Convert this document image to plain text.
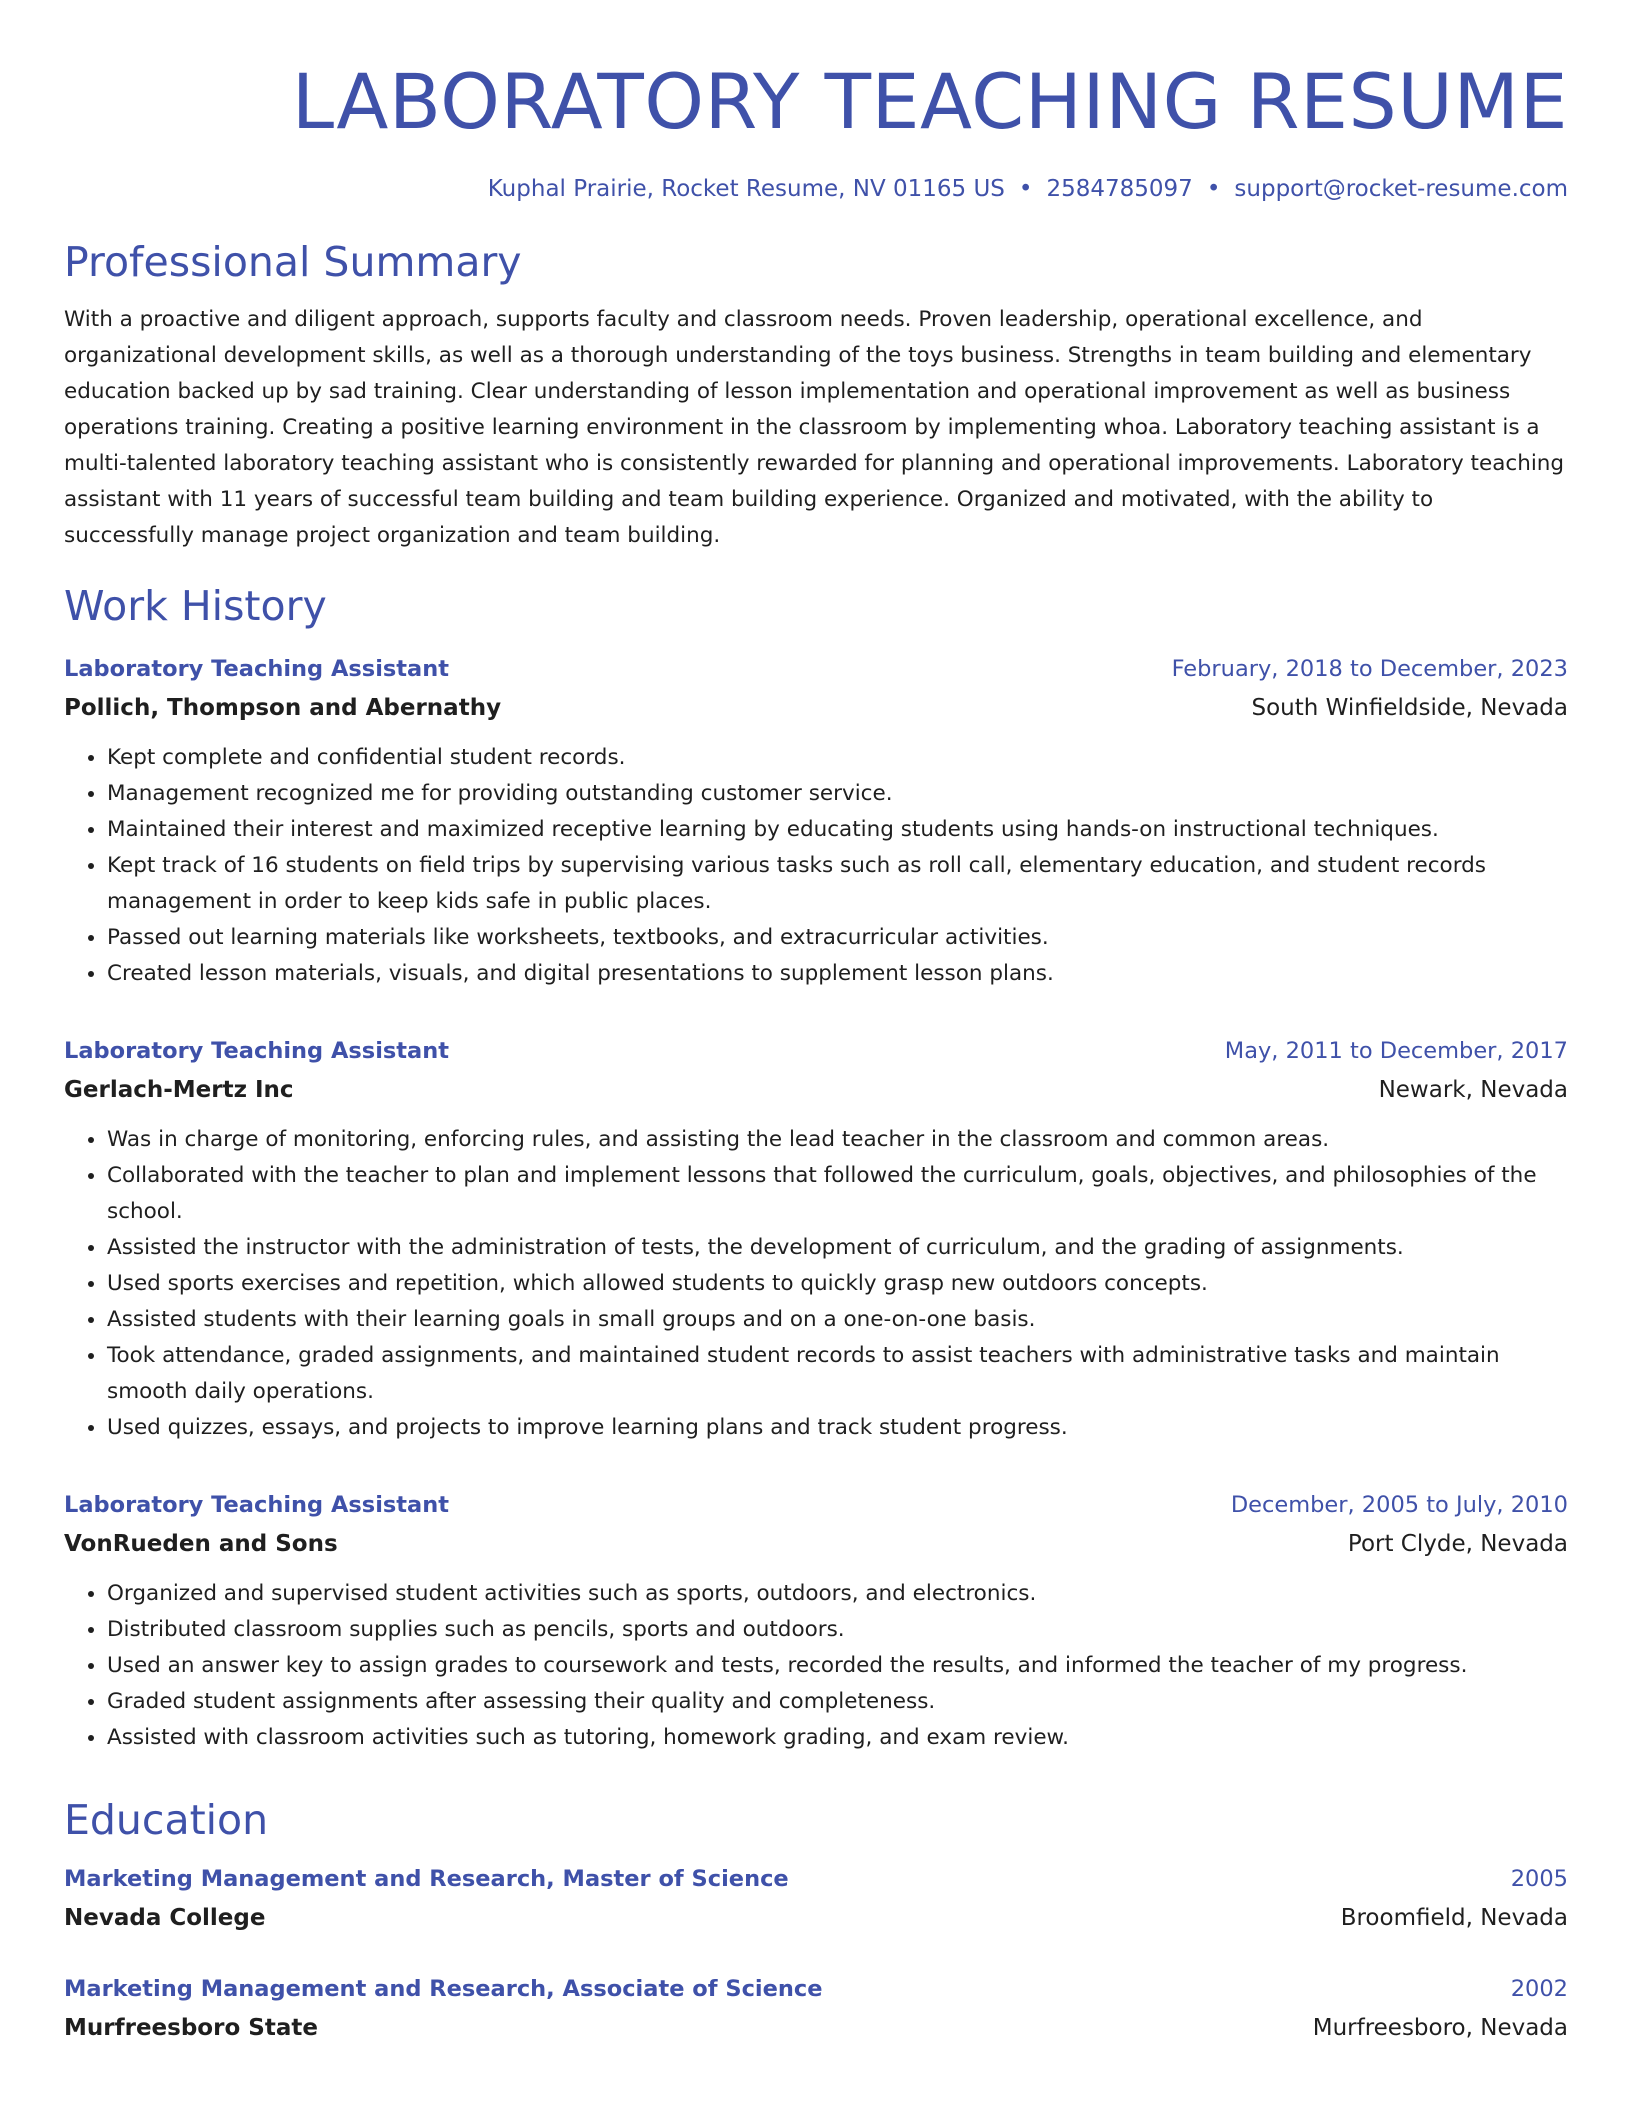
LABORATORY TEACHING RESUME
Kuphal Prairie, Rocket Resume, NV 01165 US • 2584785097 • support@rocket-resume.com
Professional Summary
With a proactive and diligent approach, supports faculty and classroom needs. Proven leadership, operational excellence, and organizational development skills, as well as a thorough understanding of the toys business. Strengths in team building and elementary education backed up by sad training. Clear understanding of lesson implementation and operational improvement as well as business operations training. Creating a positive learning environment in the classroom by implementing whoa. Laboratory teaching assistant is a multi-talented laboratory teaching assistant who is consistently rewarded for planning and operational improvements. Laboratory teaching assistant with 11 years of successful team building and team building experience. Organized and motivated, with the ability to successfully manage project organization and team building.
Work History
Laboratory Teaching Assistant	February, 2018 to December, 2023
Pollich, Thompson and Abernathy	South Winfieldside, Nevada
• Kept complete and confidential student records.
• Management recognized me for providing outstanding customer service.
• Maintained their interest and maximized receptive learning by educating students using hands-on instructional techniques.
• Kept track of 16 students on field trips by supervising various tasks such as roll call, elementary education, and student records management in order to keep kids safe in public places.
• Passed out learning materials like worksheets, textbooks, and extracurricular activities.
• Created lesson materials, visuals, and digital presentations to supplement lesson plans.
Laboratory Teaching Assistant	May, 2011 to December, 2017
Gerlach-Mertz Inc	Newark, Nevada
• Was in charge of monitoring, enforcing rules, and assisting the lead teacher in the classroom and common areas.
• Collaborated with the teacher to plan and implement lessons that followed the curriculum, goals, objectives, and philosophies of the school.
• Assisted the instructor with the administration of tests, the development of curriculum, and the grading of assignments.
• Used sports exercises and repetition, which allowed students to quickly grasp new outdoors concepts.
• Assisted students with their learning goals in small groups and on a one-on-one basis.
• Took attendance, graded assignments, and maintained student records to assist teachers with administrative tasks and maintain smooth daily operations.
• Used quizzes, essays, and projects to improve learning plans and track student progress.
Laboratory Teaching Assistant	December, 2005 to July, 2010
VonRueden and Sons	Port Clyde, Nevada
• Organized and supervised student activities such as sports, outdoors, and electronics.
• Distributed classroom supplies such as pencils, sports and outdoors.
• Used an answer key to assign grades to coursework and tests, recorded the results, and informed the teacher of my progress.
• Graded student assignments after assessing their quality and completeness.
• Assisted with classroom activities such as tutoring, homework grading, and exam review.
Education
Marketing Management and Research, Master of Science	2005
Nevada College	Broomfield, Nevada
Marketing Management and Research, Associate of Science	2002
Murfreesboro State	Murfreesboro, Nevada
